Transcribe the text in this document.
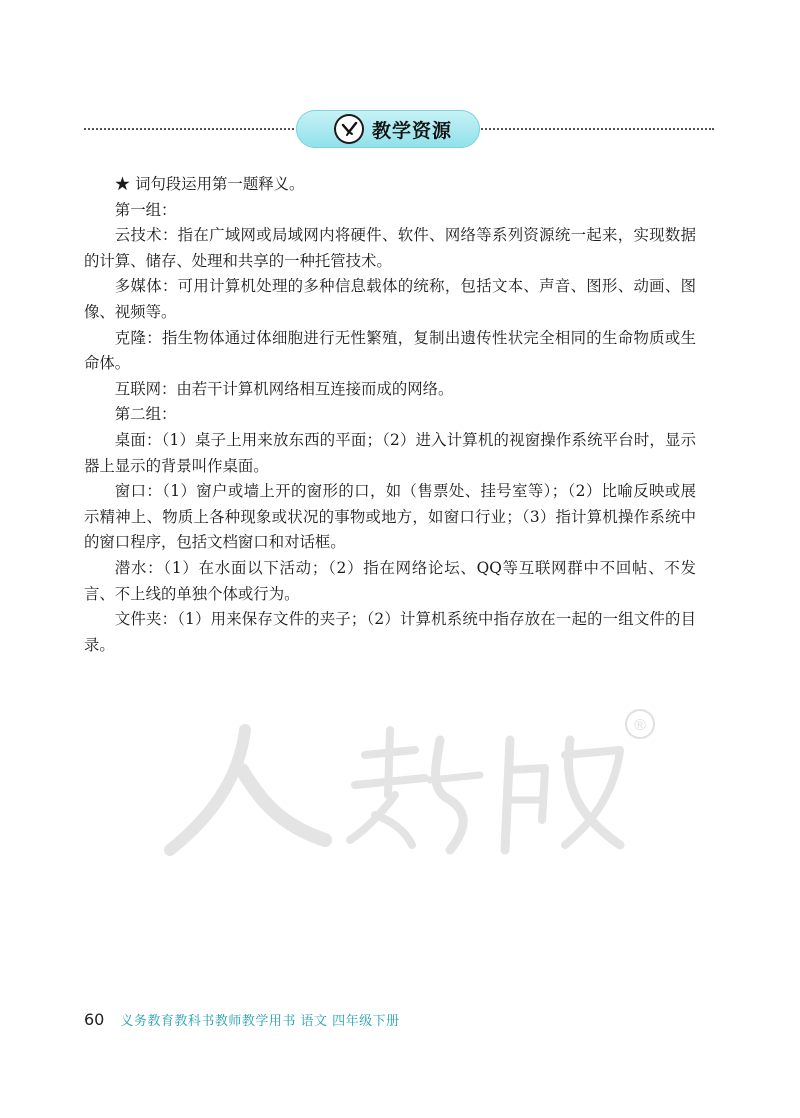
教学资源

★ 词句段运用第一题释义。

第一组：

云技术：指在广域网或局域网内将硬件、软件、网络等系列资源统一起来，实现数据的计算、储存、处理和共享的一种托管技术。

多媒体：可用计算机处理的多种信息载体的统称，包括文本、声音、图形、动画、图像、视频等。

克隆：指生物体通过体细胞进行无性繁殖，复制出遗传性状完全相同的生命物质或生命体。

互联网：由若干计算机网络相互连接而成的网络。

第二组：

桌面：（1）桌子上用来放东西的平面；（2）进入计算机的视窗操作系统平台时，显示器上显示的背景叫作桌面。

窗口：（1）窗户或墙上开的窗形的口，如（售票处、挂号室等）；（2）比喻反映或展示精神上、物质上各种现象或状况的事物或地方，如窗口行业；（3）指计算机操作系统中的窗口程序，包括文档窗口和对话框。

潜水：（1）在水面以下活动；（2）指在网络论坛、QQ等互联网群中不回帖、不发言、不上线的单独个体或行为。

文件夹：（1）用来保存文件的夹子；（2）计算机系统中指存放在一起的一组文件的目录。

®
60 义务教育教科书教师教学用书 语文 四年级下册
